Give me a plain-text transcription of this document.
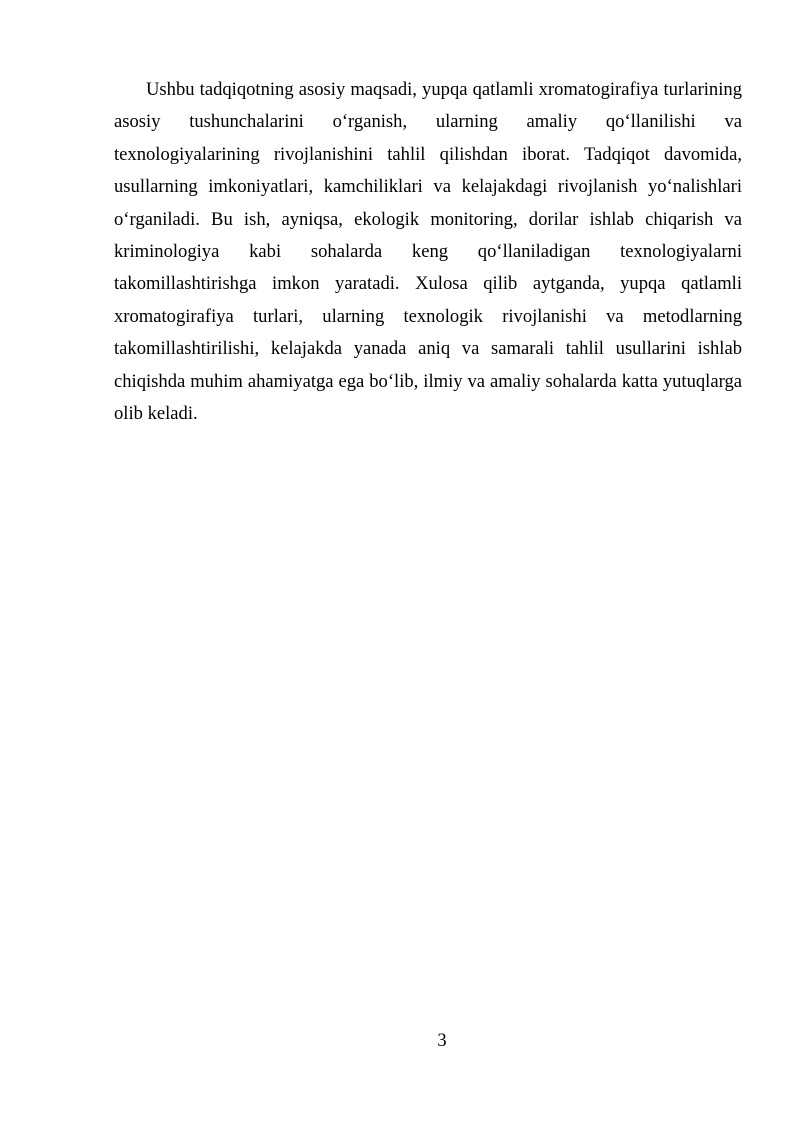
Ushbu tadqiqotning asosiy maqsadi, yupqa qatlamli xromatogirafiya turlarining asosiy tushunchalarini o‘rganish, ularning amaliy qo‘llanilishi va texnologiyalarining rivojlanishini tahlil qilishdan iborat. Tadqiqot davomida, usullarning imkoniyatlari, kamchiliklari va kelajakdagi rivojlanish yo‘nalishlari o‘rganiladi. Bu ish, ayniqsa, ekologik monitoring, dorilar ishlab chiqarish va kriminologiya kabi sohalarda keng qo‘llaniladigan texnologiyalarni takomillashtirishga imkon yaratadi. Xulosa qilib aytganda, yupqa qatlamli xromatogirafiya turlari, ularning texnologik rivojlanishi va metodlarning takomillashtirilishi, kelajakda yanada aniq va samarali tahlil usullarini ishlab chiqishda muhim ahamiyatga ega bo‘lib, ilmiy va amaliy sohalarda katta yutuqlarga olib keladi.

3
